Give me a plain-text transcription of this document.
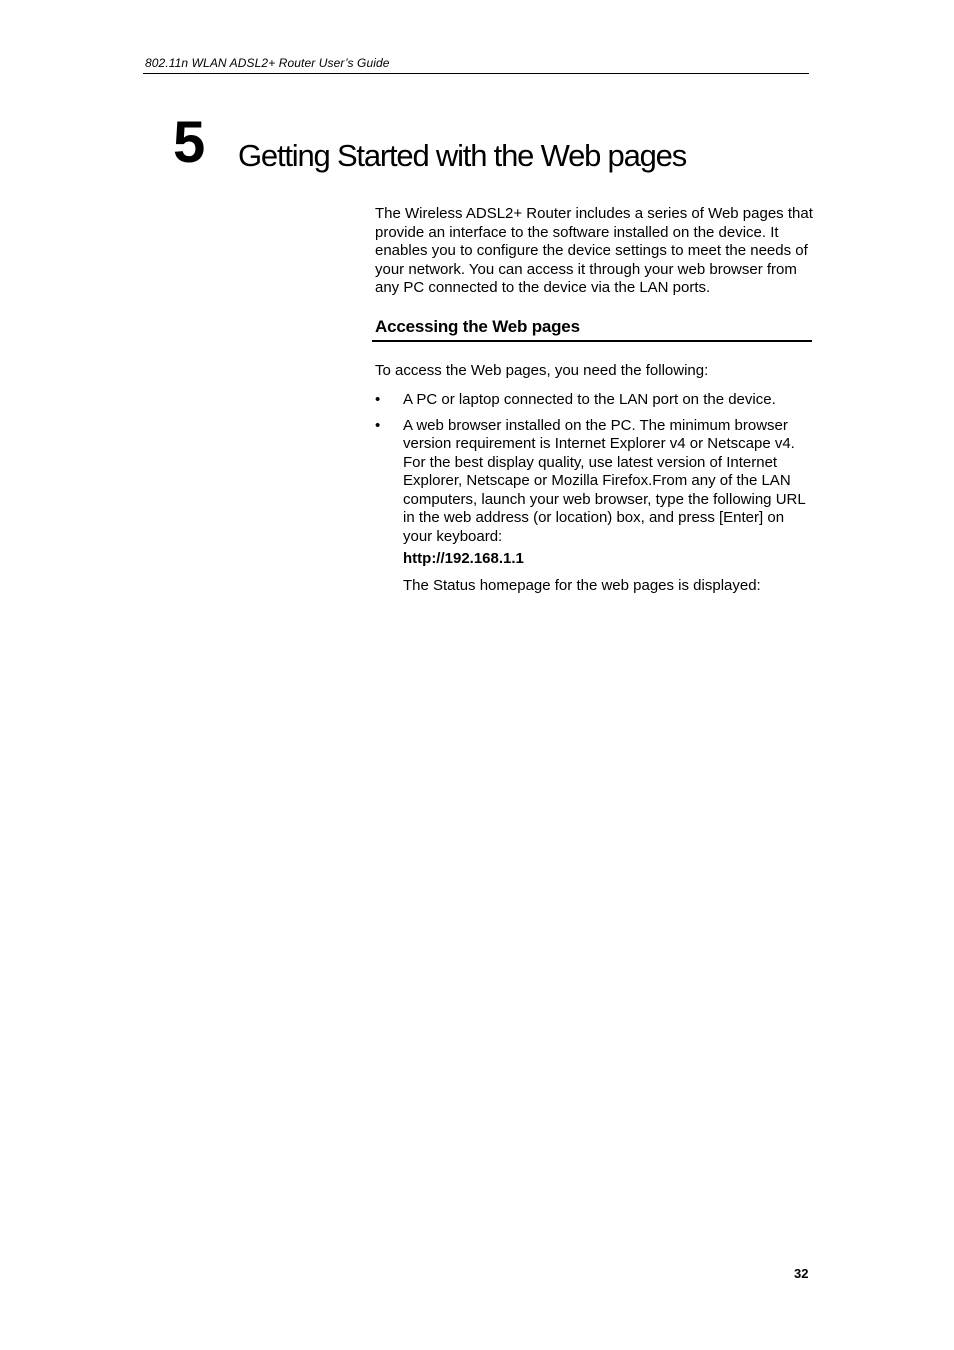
802.11n WLAN ADSL2+ Router User’s Guide
5 Getting Started with the Web pages

The Wireless ADSL2+ Router includes a series of Web pages that provide an interface to the software installed on the device. It enables you to configure the device settings to meet the needs of your network. You can access it through your web browser from any PC connected to the device via the LAN ports.

Accessing the Web pages
To access the Web pages, you need the following:
•	A PC or laptop connected to the LAN port on the device.
•	A web browser installed on the PC. The minimum browser version requirement is Internet Explorer v4 or Netscape v4. For the best display quality, use latest version of Internet Explorer, Netscape or Mozilla Firefox.From any of the LAN computers, launch your web browser, type the following URL in the web address (or location) box, and press [Enter] on your keyboard:
http://192.168.1.1
The Status homepage for the web pages is displayed:
32
